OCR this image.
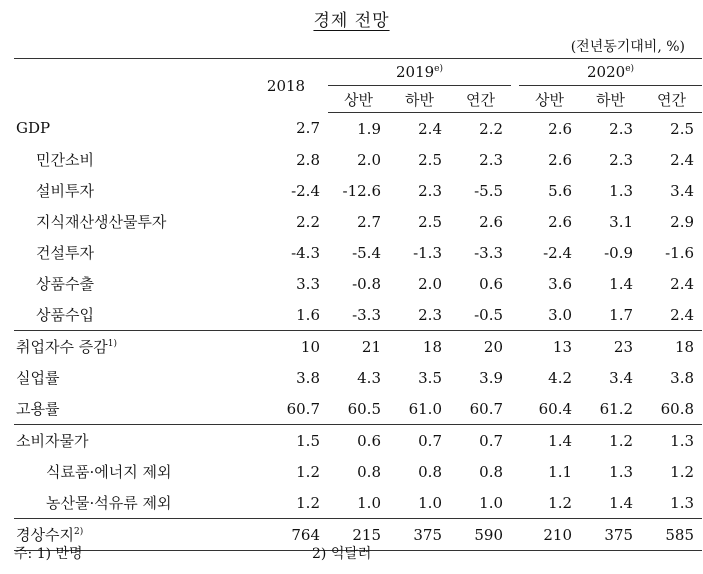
경제 전망
(전년동기대비, %)
	2018	2019$^{e)}$				2020$^{e)}$
		상반	하반	연간		상반	하반	연간
GDP	2.7	1.9	2.4	2.2		2.6	2.3	2.5
민간소비	2.8	2.0	2.5	2.3		2.6	2.3	2.4
설비투자	-2.4	-12.6	2.3	-5.5		5.6	1.3	3.4
지식재산생산물투자	2.2	2.7	2.5	2.6		2.6	3.1	2.9
건설투자	-4.3	-5.4	-1.3	-3.3		-2.4	-0.9	-1.6
상품수출	3.3	-0.8	2.0	0.6		3.6	1.4	2.4
상품수입	1.6	-3.3	2.3	-0.5		3.0	1.7	2.4
취업자수 증감$^{1)}$	10	21	18	20		13	23	18
실업률	3.8	4.3	3.5	3.9		4.2	3.4	3.8
고용률	60.7	60.5	61.0	60.7		60.4	61.2	60.8
소비자물가	1.5	0.6	0.7	0.7		1.4	1.2	1.3
식료품·에너지 제외	1.2	0.8	0.8	0.8		1.1	1.3	1.2
농산물·석유류 제외	1.2	1.0	1.0	1.0		1.2	1.4	1.3
경상수지$^{2)}$	764	215	375	590		210	375	585
주: 1) 만명	2) 억달러
